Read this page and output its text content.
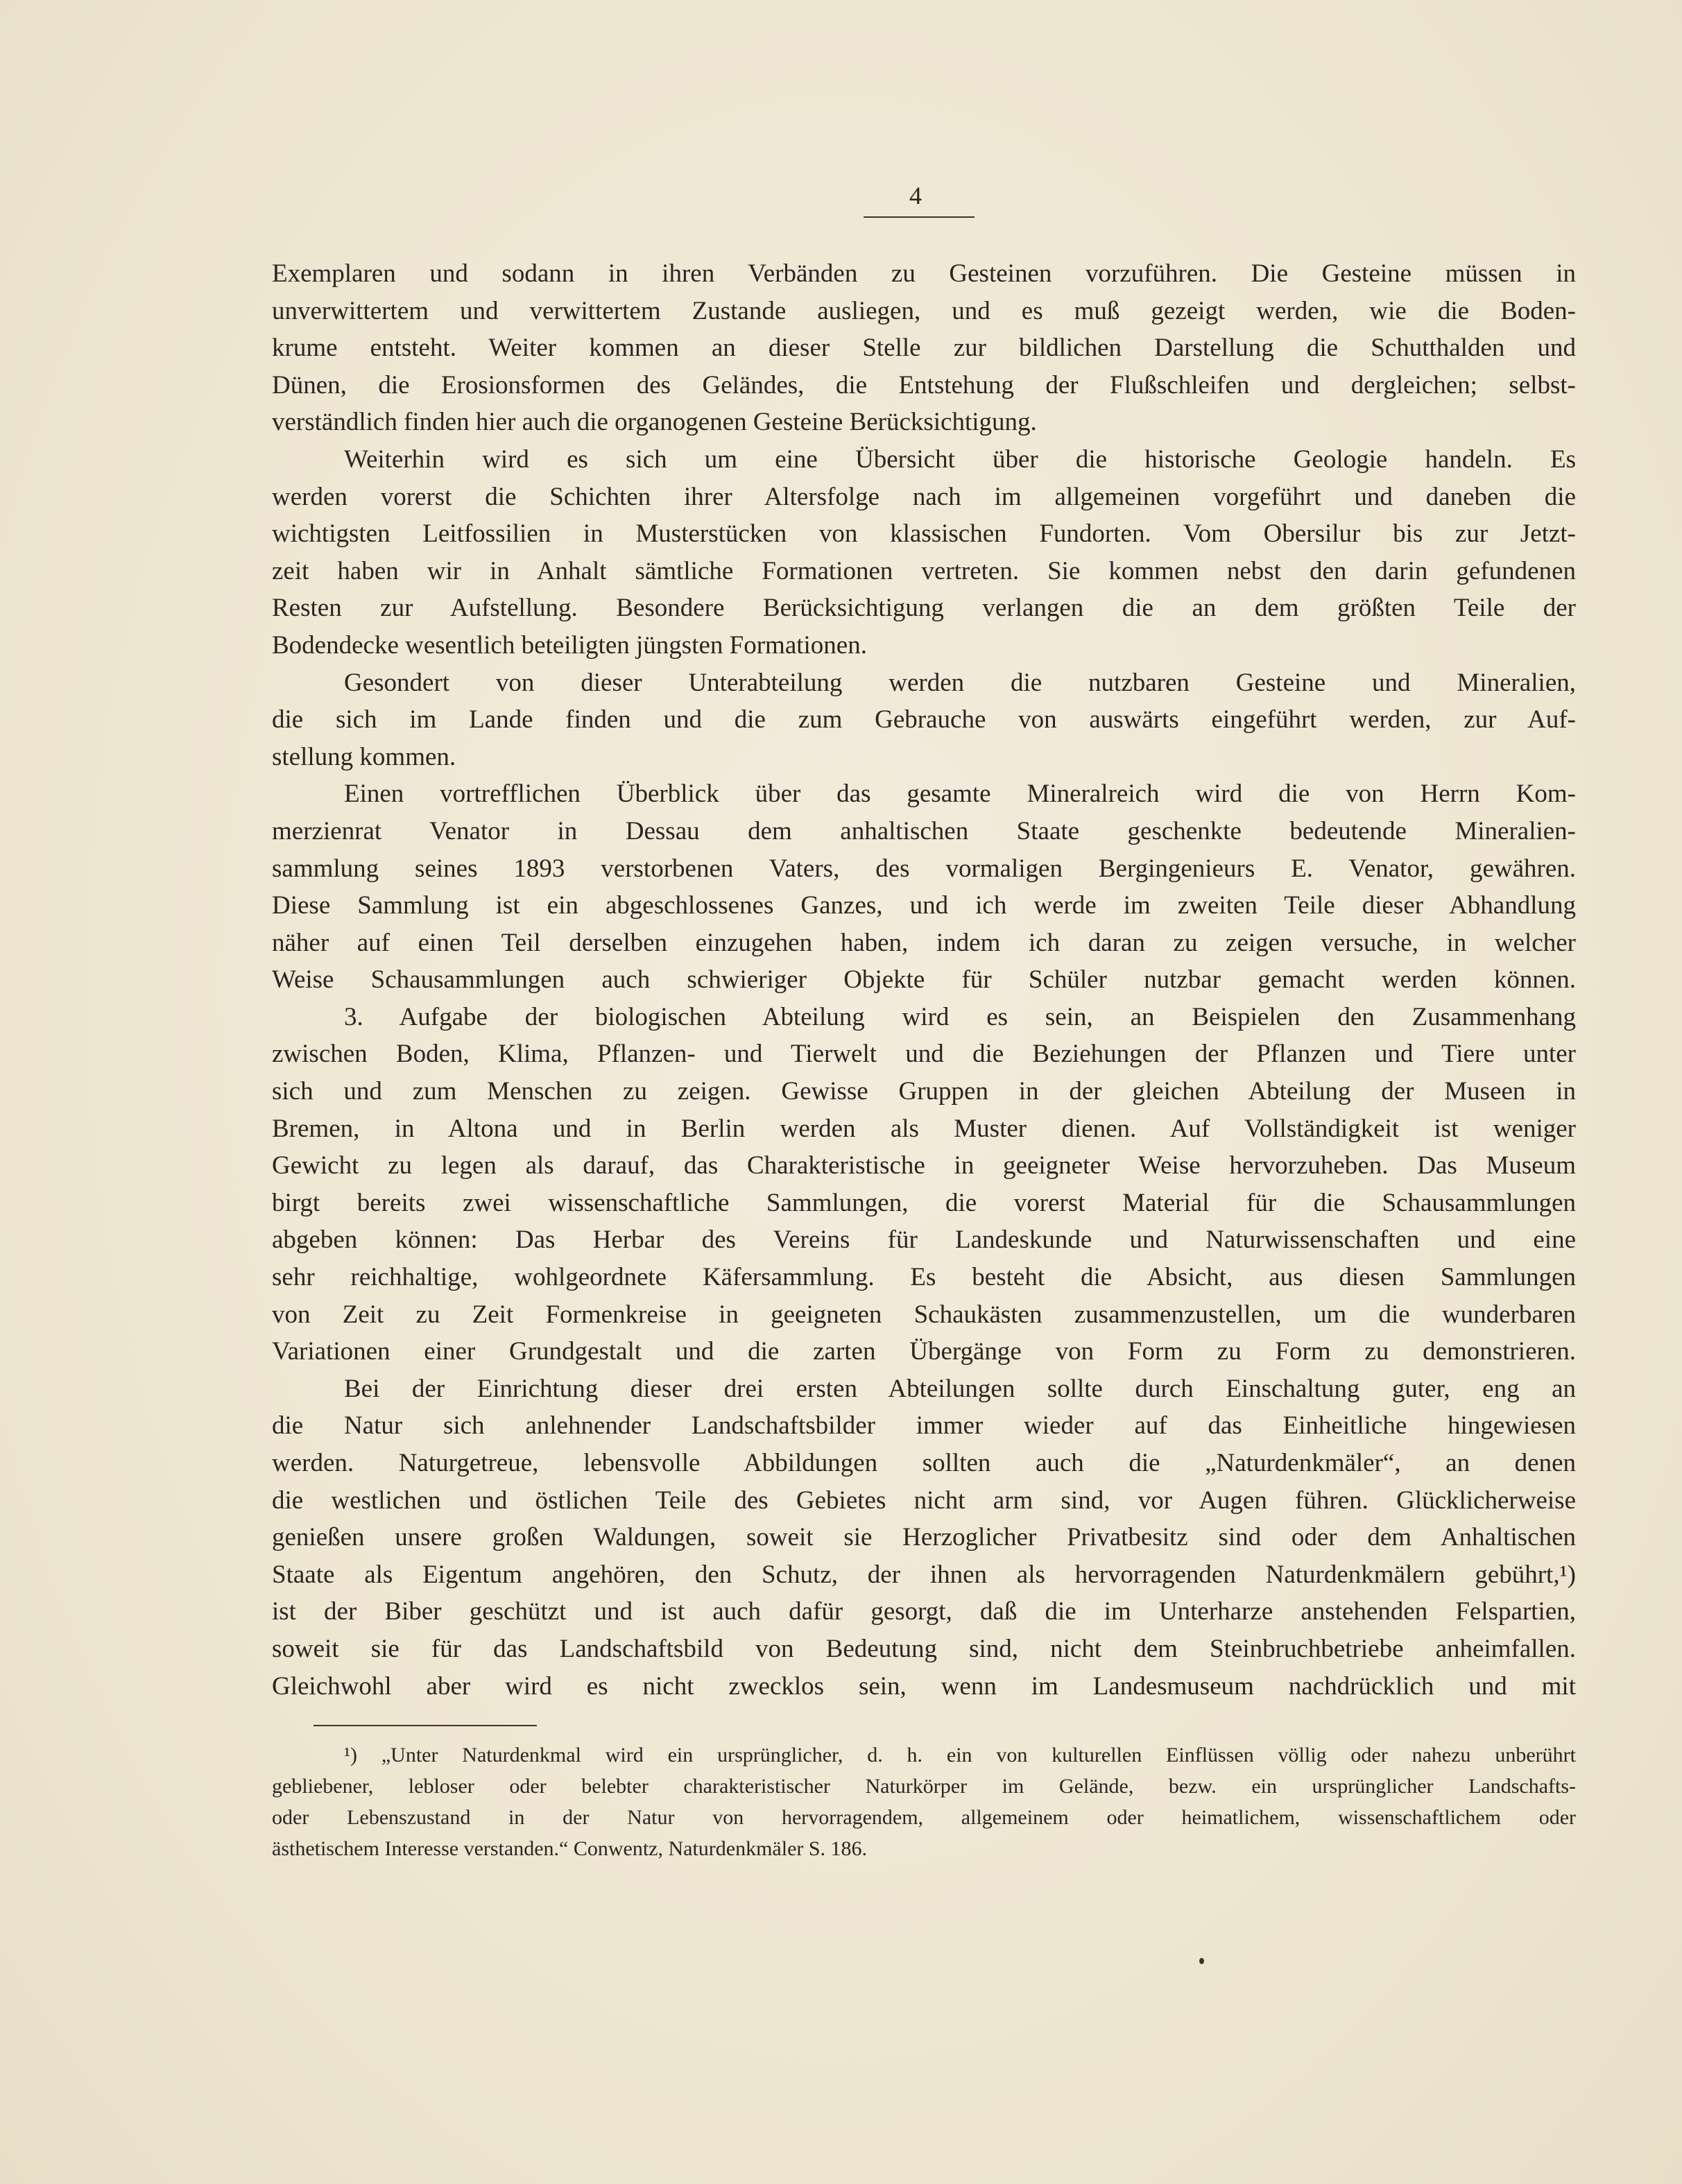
4
Exemplaren und sodann in ihren Verbänden zu Gesteinen vorzuführen. Die Gesteine müssen in
unverwittertem und verwittertem Zustande ausliegen, und es muß gezeigt werden, wie die Boden-
krume entsteht. Weiter kommen an dieser Stelle zur bildlichen Darstellung die Schutthalden und
Dünen, die Erosionsformen des Geländes, die Entstehung der Flußschleifen und dergleichen; selbst-
verständlich finden hier auch die organogenen Gesteine Berücksichtigung.
Weiterhin wird es sich um eine Übersicht über die historische Geologie handeln. Es
werden vorerst die Schichten ihrer Altersfolge nach im allgemeinen vorgeführt und daneben die
wichtigsten Leitfossilien in Musterstücken von klassischen Fundorten. Vom Obersilur bis zur Jetzt-
zeit haben wir in Anhalt sämtliche Formationen vertreten. Sie kommen nebst den darin gefundenen
Resten zur Aufstellung. Besondere Berücksichtigung verlangen die an dem größten Teile der
Bodendecke wesentlich beteiligten jüngsten Formationen.
Gesondert von dieser Unterabteilung werden die nutzbaren Gesteine und Mineralien,
die sich im Lande finden und die zum Gebrauche von auswärts eingeführt werden, zur Auf-
stellung kommen.
Einen vortrefflichen Überblick über das gesamte Mineralreich wird die von Herrn Kom-
merzienrat Venator in Dessau dem anhaltischen Staate geschenkte bedeutende Mineralien-
sammlung seines 1893 verstorbenen Vaters, des vormaligen Bergingenieurs E. Venator, gewähren.
Diese Sammlung ist ein abgeschlossenes Ganzes, und ich werde im zweiten Teile dieser Abhandlung
näher auf einen Teil derselben einzugehen haben, indem ich daran zu zeigen versuche, in welcher
Weise Schausammlungen auch schwieriger Objekte für Schüler nutzbar gemacht werden können.
3. Aufgabe der biologischen Abteilung wird es sein, an Beispielen den Zusammenhang
zwischen Boden, Klima, Pflanzen- und Tierwelt und die Beziehungen der Pflanzen und Tiere unter
sich und zum Menschen zu zeigen. Gewisse Gruppen in der gleichen Abteilung der Museen in
Bremen, in Altona und in Berlin werden als Muster dienen. Auf Vollständigkeit ist weniger
Gewicht zu legen als darauf, das Charakteristische in geeigneter Weise hervorzuheben. Das Museum
birgt bereits zwei wissenschaftliche Sammlungen, die vorerst Material für die Schausammlungen
abgeben können: Das Herbar des Vereins für Landeskunde und Naturwissenschaften und eine
sehr reichhaltige, wohlgeordnete Käfersammlung. Es besteht die Absicht, aus diesen Sammlungen
von Zeit zu Zeit Formenkreise in geeigneten Schaukästen zusammenzustellen, um die wunderbaren
Variationen einer Grundgestalt und die zarten Übergänge von Form zu Form zu demonstrieren.
Bei der Einrichtung dieser drei ersten Abteilungen sollte durch Einschaltung guter, eng an
die Natur sich anlehnender Landschaftsbilder immer wieder auf das Einheitliche hingewiesen
werden. Naturgetreue, lebensvolle Abbildungen sollten auch die „Naturdenkmäler“, an denen
die westlichen und östlichen Teile des Gebietes nicht arm sind, vor Augen führen. Glücklicherweise
genießen unsere großen Waldungen, soweit sie Herzoglicher Privatbesitz sind oder dem Anhaltischen
Staate als Eigentum angehören, den Schutz, der ihnen als hervorragenden Naturdenkmälern gebührt,¹)
ist der Biber geschützt und ist auch dafür gesorgt, daß die im Unterharze anstehenden Felspartien,
soweit sie für das Landschaftsbild von Bedeutung sind, nicht dem Steinbruchbetriebe anheimfallen.
Gleichwohl aber wird es nicht zwecklos sein, wenn im Landesmuseum nachdrücklich und mit
¹) „Unter Naturdenkmal wird ein ursprünglicher, d. h. ein von kulturellen Einflüssen völlig oder nahezu unberührt
gebliebener, lebloser oder belebter charakteristischer Naturkörper im Gelände, bezw. ein ursprünglicher Landschafts-
oder Lebenszustand in der Natur von hervorragendem, allgemeinem oder heimatlichem, wissenschaftlichem oder
ästhetischem Interesse verstanden.“ Conwentz, Naturdenkmäler S. 186.
